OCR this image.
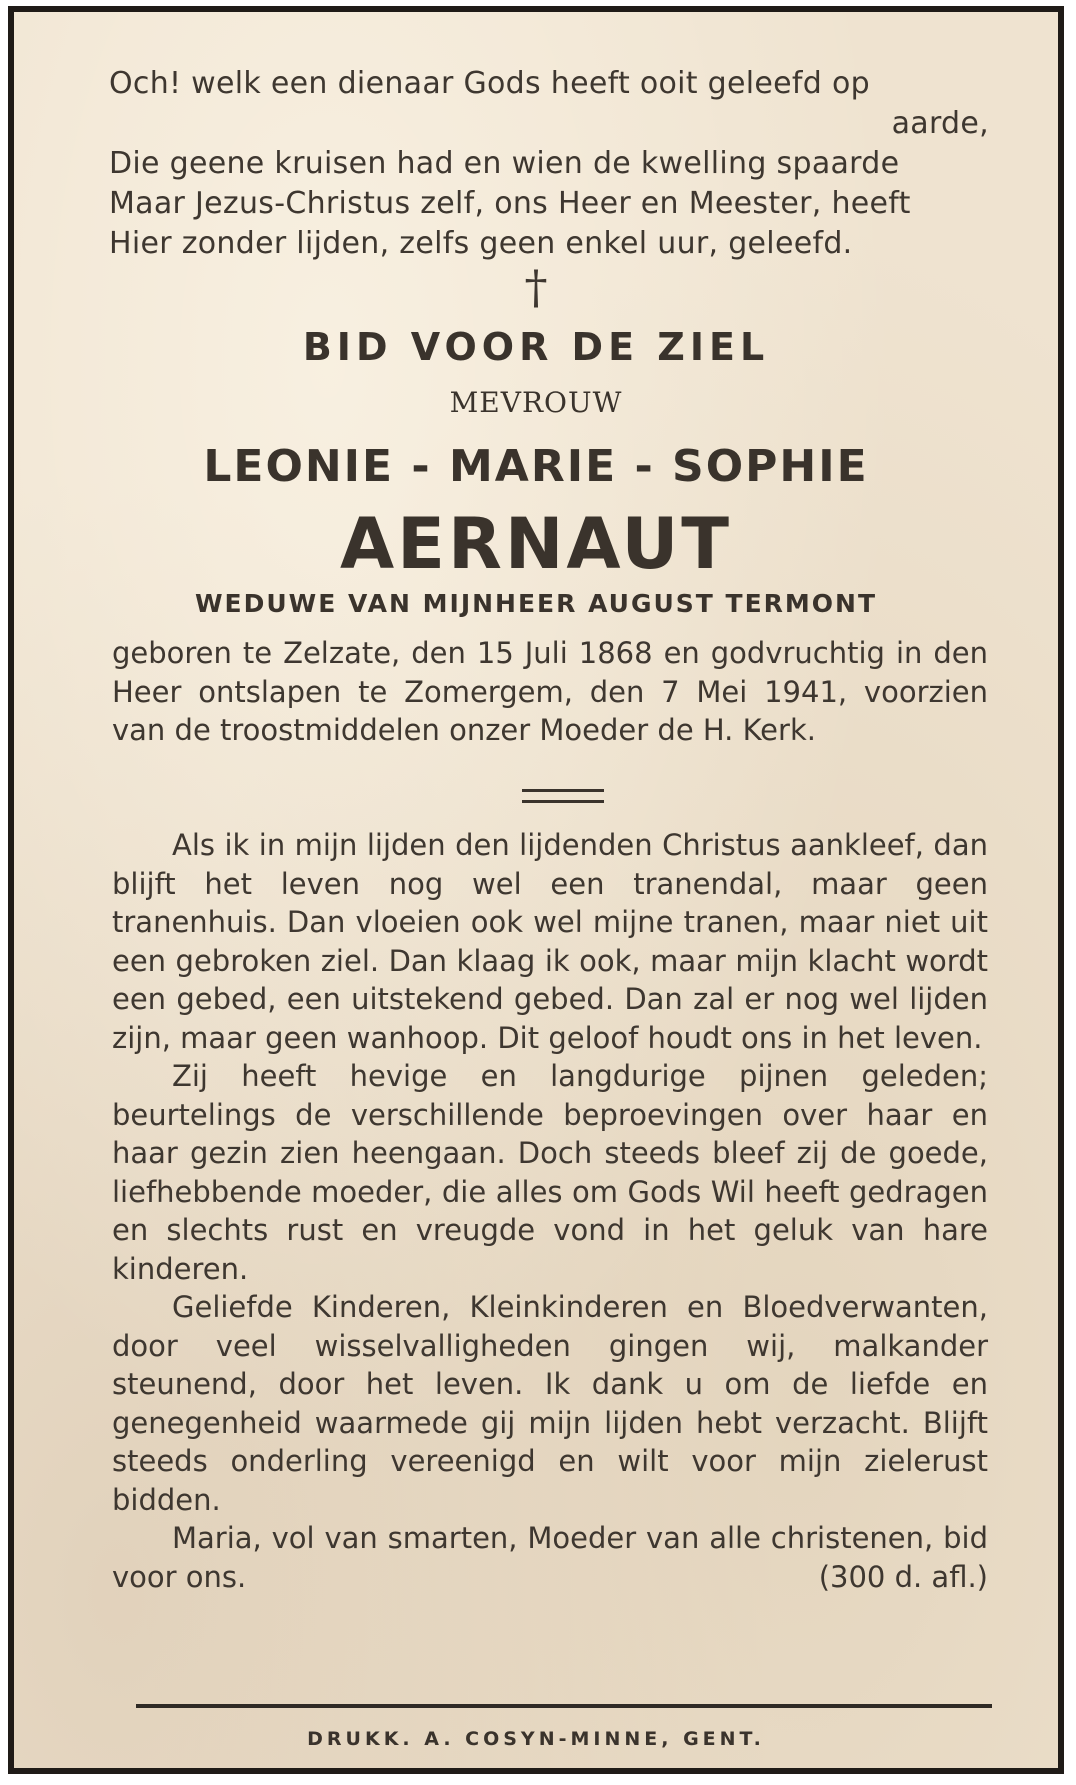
Och! welk een dienaar Gods heeft ooit geleefd op
aarde,
Die geene kruisen had en wien de kwelling spaarde
Maar Jezus-Christus zelf, ons Heer en Meester, heeft
Hier zonder lijden, zelfs geen enkel uur, geleefd.
†
BID VOOR DE ZIEL
MEVROUW
LEONIE - MARIE - SOPHIE
AERNAUT
WEDUWE VAN MIJNHEER AUGUST TERMONT
geboren te Zelzate, den 15 Juli 1868 en godvruchtig in den Heer ontslapen te Zomergem, den 7 Mei 1941, voorzien van de troostmiddelen onzer Moeder de H. Kerk.

Als ik in mijn lijden den lijdenden Christus aankleef, dan blijft het leven nog wel een tranendal, maar geen tranenhuis. Dan vloeien ook wel mijne tranen, maar niet uit een gebroken ziel. Dan klaag ik ook, maar mijn klacht wordt een gebed, een uitstekend gebed. Dan zal er nog wel lijden zijn, maar geen wanhoop. Dit geloof houdt ons in het leven.

Zij heeft hevige en langdurige pijnen geleden; beurtelings de verschillende beproevingen over haar en haar gezin zien heengaan. Doch steeds bleef zij de goede, liefhebbende moeder, die alles om Gods Wil heeft gedragen en slechts rust en vreugde vond in het geluk van hare kinderen.

Geliefde Kinderen, Kleinkinderen en Bloedverwanten, door veel wisselvalligheden gingen wij, malkander steunend, door het leven. Ik dank u om de liefde en genegenheid waarmede gij mijn lijden hebt verzacht. Blijft steeds onderling vereenigd en wilt voor mijn zielerust bidden.

Maria, vol van smarten, Moeder van alle christenen, bid voor ons.	(300 d. afl.)

DRUKK. A. COSYN-MINNE, GENT.
